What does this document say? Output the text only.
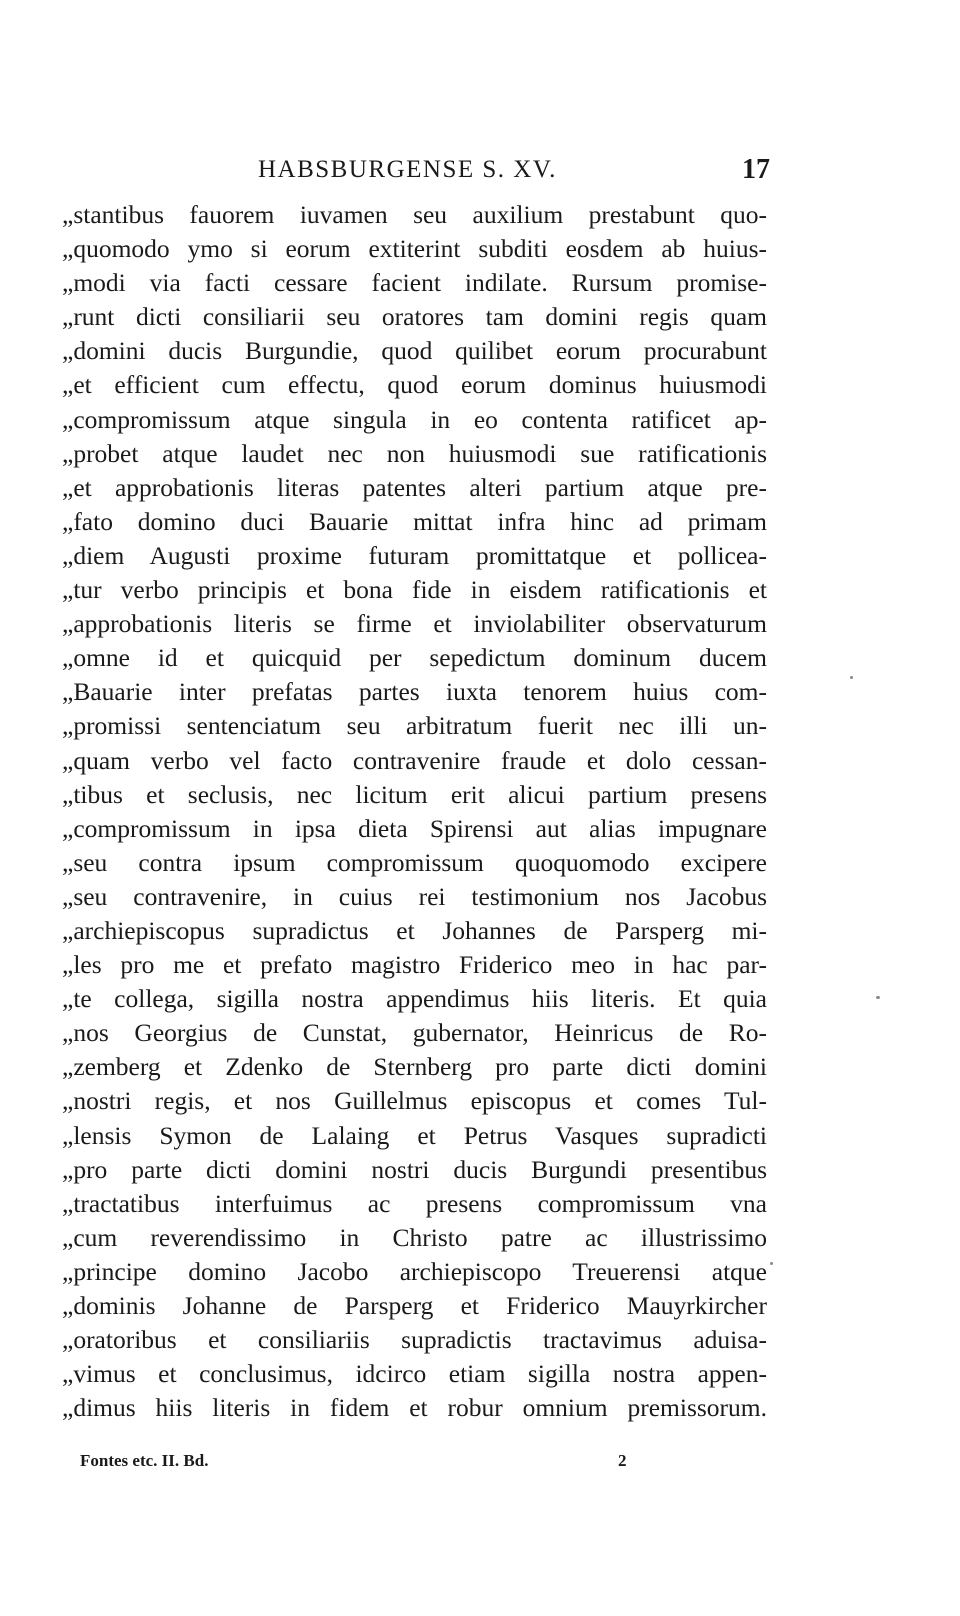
HABSBURGENSE S. XV.	17
„stantibus fauorem iuvamen seu auxilium prestabunt quo-
„quomodo ymo si eorum extiterint subditi eosdem ab huius-
„modi via facti cessare facient indilate. Rursum promise-
„runt dicti consiliarii seu oratores tam domini regis quam
„domini ducis Burgundie, quod quilibet eorum procurabunt
„et efficient cum effectu, quod eorum dominus huiusmodi
„compromissum atque singula in eo contenta ratificet ap-
„probet atque laudet nec non huiusmodi sue ratificationis
„et approbationis literas patentes alteri partium atque pre-
„fato domino duci Bauarie mittat infra hinc ad primam
„diem Augusti proxime futuram promittatque et pollicea-
„tur verbo principis et bona fide in eisdem ratificationis et
„approbationis literis se firme et inviolabiliter observaturum
„omne id et quicquid per sepedictum dominum ducem
„Bauarie inter prefatas partes iuxta tenorem huius com-
„promissi sentenciatum seu arbitratum fuerit nec illi un-
„quam verbo vel facto contravenire fraude et dolo cessan-
„tibus et seclusis, nec licitum erit alicui partium presens
„compromissum in ipsa dieta Spirensi aut alias impugnare
„seu contra ipsum compromissum quoquomodo excipere
„seu contravenire, in cuius rei testimonium nos Jacobus
„archiepiscopus supradictus et Johannes de Parsperg mi-
„les pro me et prefato magistro Friderico meo in hac par-
„te collega, sigilla nostra appendimus hiis literis. Et quia
„nos Georgius de Cunstat, gubernator, Heinricus de Ro-
„zemberg et Zdenko de Sternberg pro parte dicti domini
„nostri regis, et nos Guillelmus episcopus et comes Tul-
„lensis Symon de Lalaing et Petrus Vasques supradicti
„pro parte dicti domini nostri ducis Burgundi presentibus
„tractatibus interfuimus ac presens compromissum vna
„cum reverendissimo in Christo patre ac illustrissimo
„principe domino Jacobo archiepiscopo Treuerensi atque
„dominis Johanne de Parsperg et Friderico Mauyrkircher
„oratoribus et consiliariis supradictis tractavimus aduisa-
„vimus et conclusimus, idcirco etiam sigilla nostra appen-
„dimus hiis literis in fidem et robur omnium premissorum.
Fontes etc. II. Bd.	2
